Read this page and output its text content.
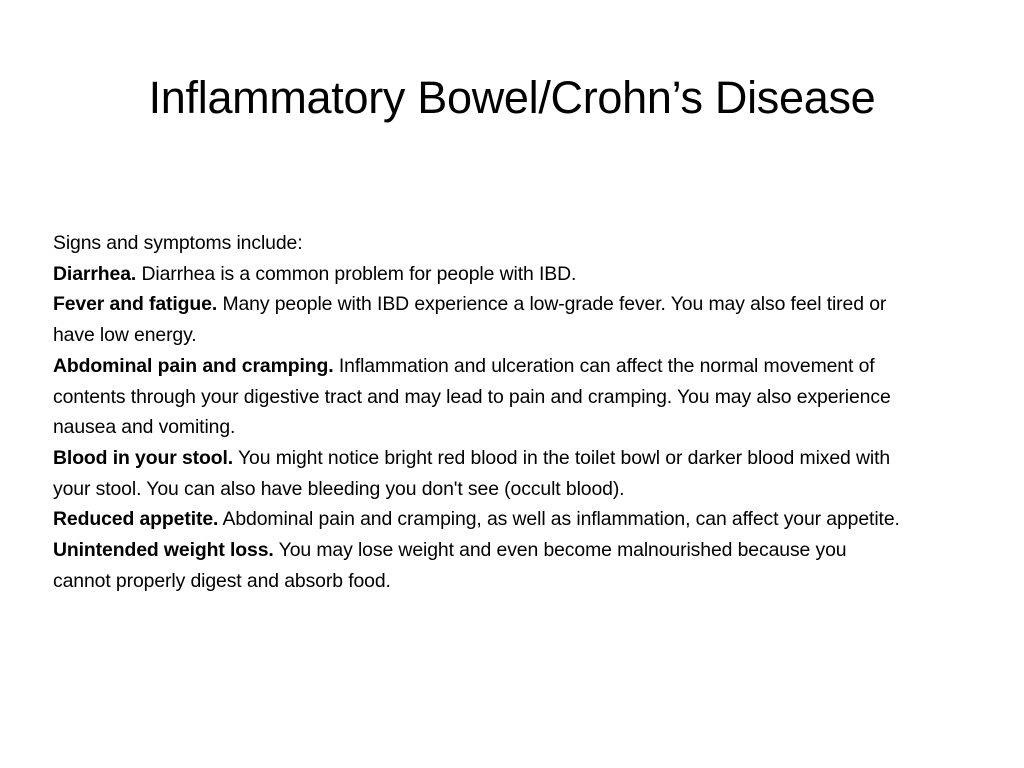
Inflammatory Bowel/Crohn’s Disease

Signs and symptoms include:

Diarrhea. Diarrhea is a common problem for people with IBD.

Fever and fatigue. Many people with IBD experience a low-grade fever. You may also feel tired or have low energy.

Abdominal pain and cramping. Inflammation and ulceration can affect the normal movement of contents through your digestive tract and may lead to pain and cramping. You may also experience nausea and vomiting.

Blood in your stool. You might notice bright red blood in the toilet bowl or darker blood mixed with your stool. You can also have bleeding you don't see (occult blood).

Reduced appetite. Abdominal pain and cramping, as well as inflammation, can affect your appetite.

Unintended weight loss. You may lose weight and even become malnourished because you cannot properly digest and absorb food.
